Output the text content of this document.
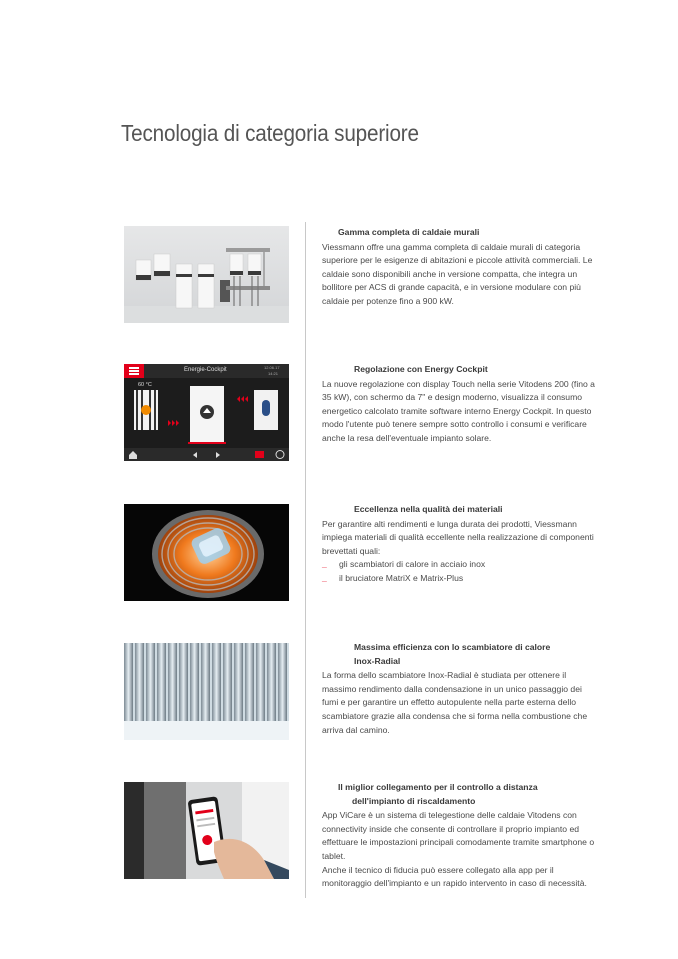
Tecnologia di categoria superiore
Energie-Cockpit	12.06.17
14:21
60 °C
Gamma completa di caldaie murali

Viessmann offre una gamma completa di caldaie murali di categoria superiore per le esigenze di abitazioni e piccole attività commerciali. Le caldaie sono disponibili anche in versione compatta, che integra un bollitore per ACS di grande capacità, e in versione modulare con più caldaie per potenze fino a 900 kW.

Regolazione con Energy Cockpit

La nuove regolazione con display Touch nella serie Vitodens 200 (fino a 35 kW), con schermo da 7" e design moderno, visualizza il consumo energetico calcolato tramite software interno Energy Cockpit. In questo modo l'utente può tenere sempre sotto controllo i consumi e verificare anche la resa dell'eventuale impianto solare.

Eccellenza nella qualità dei materiali

Per garantire alti rendimenti e lunga durata dei prodotti, Viessmann impiega materiali di qualità eccellente nella realizzazione di componenti brevettati quali:

_ gli scambiatori di calore in acciaio inox
_ il bruciatore MatriX e Matrix-Plus
Massima efficienza con lo scambiatore di calore
Inox-Radial

La forma dello scambiatore Inox-Radial è studiata per ottenere il massimo rendimento dalla condensazione in un unico passaggio dei fumi e per garantire un effetto autopulente nella parte esterna dello scambiatore grazie alla condensa che si forma nella combustione che arriva dal camino.

Il miglior collegamento per il controllo a distanza
dell'impianto di riscaldamento

App ViCare è un sistema di telegestione delle caldaie Vitodens con connectivity inside che consente di controllare il proprio impianto ed effettuare le impostazioni principali comodamente tramite smartphone o tablet.

Anche il tecnico di fiducia può essere collegato alla app per il monitoraggio dell'impianto e un rapido intervento in caso di necessità.
